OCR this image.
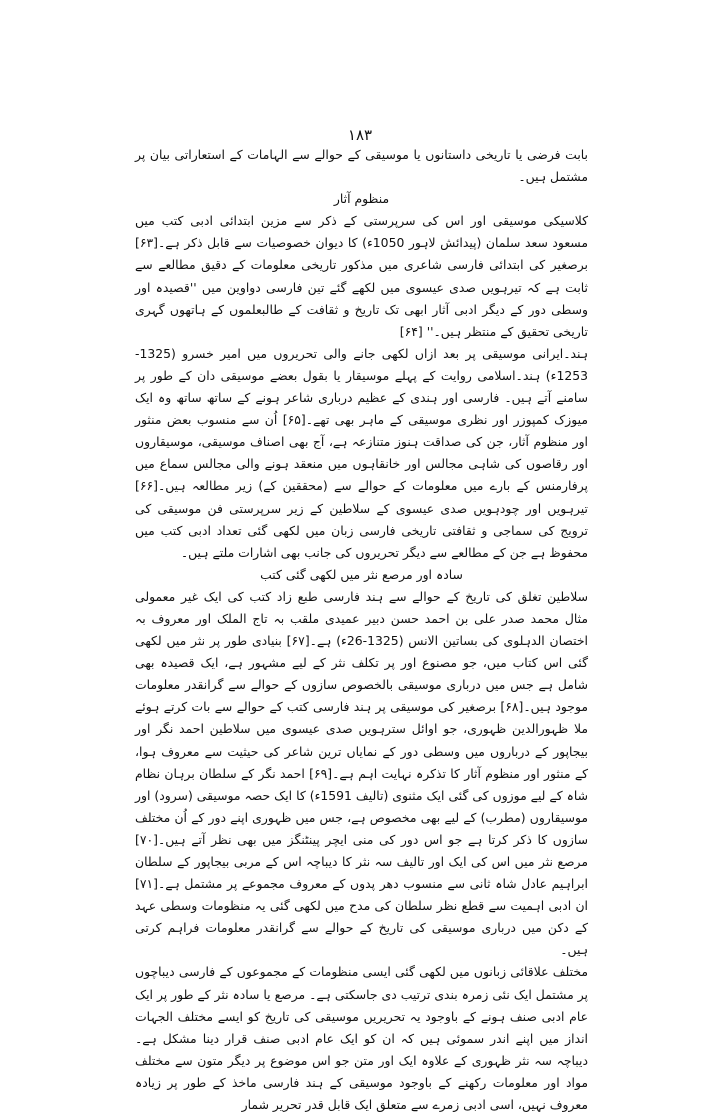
۱۸۳

بابت فرضی یا تاریخی داستانوں یا موسیقی کے حوالے سے الہامات کے استعاراتی بیان پر مشتمل ہیں۔

منظوم آثار

کلاسیکی موسیقی اور اس کی سرپرستی کے ذکر سے مزین ابتدائی ادبی کتب میں مسعود سعد سلمان (پیدائش لاہور 1050ء) کا دیوان خصوصیات سے قابل ذکر ہے۔[۶۳] برصغیر کی ابتدائی فارسی شاعری میں مذکور تاریخی معلومات کے دقیق مطالعے سے ثابت ہے کہ تیرہویں صدی عیسوی میں لکھے گئے تین فارسی دواوین میں ''قصیدہ اور وسطی دور کے دیگر ادبی آثار ابھی تک تاریخ و ثقافت کے طالبعلموں کے ہاتھوں گہری تاریخی تحقیق کے منتظر ہیں۔'' [۶۴]

ہند۔ایرانی موسیقی پر بعد ازاں لکھی جانے والی تحریروں میں امیر خسرو (1325-1253ء) ہند۔اسلامی روایت کے پہلے موسیقار یا بقول بعضے موسیقی دان کے طور پر سامنے آتے ہیں۔ فارسی اور ہندی کے عظیم درباری شاعر ہونے کے ساتھ ساتھ وہ ایک میوزک کمپوزر اور نظری موسیقی کے ماہر بھی تھے۔[۶۵] اُن سے منسوب بعض منثور اور منظوم آثار، جن کی صداقت ہنوز متنازعہ ہے، آج بھی اصناف موسیقی، موسیقاروں اور رقاصوں کی شاہی مجالس اور خانقاہوں میں منعقد ہونے والی مجالس سماع میں پرفارمنس کے بارے میں معلومات کے حوالے سے (محققین کے) زیر مطالعہ ہیں۔[۶۶] تیرہویں اور چودہویں صدی عیسوی کے سلاطین کے زیر سرپرستی فن موسیقی کی ترویج کی سماجی و ثقافتی تاریخی فارسی زبان میں لکھی گئی تعداد ادبی کتب میں محفوظ ہے جن کے مطالعے سے دیگر تحریروں کی جانب بھی اشارات ملتے ہیں۔

سادہ اور مرصع نثر میں لکھی گئی کتب

سلاطین تغلق کی تاریخ کے حوالے سے ہند فارسی طبع زاد کتب کی ایک غیر معمولی مثال محمد صدر علی بن احمد حسن دبیر عمیدی ملقب بہ تاج الملک اور معروف بہ اختصان الدہلوی کی بساتین الانس (1325-26ء) ہے۔[۶۷] بنیادی طور پر نثر میں لکھی گئی اس کتاب میں، جو مصنوع اور پر تکلف نثر کے لیے مشہور ہے، ایک قصیدہ بھی شامل ہے جس میں درباری موسیقی بالخصوص سازوں کے حوالے سے گرانقدر معلومات موجود ہیں۔[۶۸] برصغیر کی موسیقی پر ہند فارسی کتب کے حوالے سے بات کرتے ہوئے ملا ظہورالدین ظہوری، جو اوائل سترہویں صدی عیسوی میں سلاطین احمد نگر اور بیجاپور کے درباروں میں وسطی دور کے نمایاں ترین شاعر کی حیثیت سے معروف ہوا، کے منثور اور منظوم آثار کا تذکرہ نہایت اہم ہے۔[۶۹] احمد نگر کے سلطان برہان نظام شاہ کے لیے موزوں کی گئی ایک مثنوی (تالیف 1591ء) کا ایک حصہ موسیقی (سرود) اور موسیقاروں (مطرب) کے لیے بھی مخصوص ہے، جس میں ظہوری اپنے دور کے اُن مختلف سازوں کا ذکر کرتا ہے جو اس دور کی منی ایچر پینٹنگز میں بھی نظر آتے ہیں۔[۷۰] مرصع نثر میں اس کی ایک اور تالیف سہ نثر کا دیباچہ اس کے مربی بیجاپور کے سلطان ابراہیم عادل شاہ ثانی سے منسوب دھر پدوں کے معروف مجموعے پر مشتمل ہے۔[۷۱] ان ادبی اہمیت سے قطع نظر سلطان کی مدح میں لکھی گئی یہ منظومات وسطی عہد کے دکن میں درباری موسیقی کی تاریخ کے حوالے سے گرانقدر معلومات فراہم کرتی ہیں۔

مختلف علاقائی زبانوں میں لکھی گئی ایسی منظومات کے مجموعوں کے فارسی دیباچوں پر مشتمل ایک نئی زمرہ بندی ترتیب دی جاسکتی ہے۔ مرصع یا سادہ نثر کے طور پر ایک عام ادبی صنف ہونے کے باوجود یہ تحریریں موسیقی کی تاریخ کو ایسے مختلف الجہات انداز میں اپنے اندر سموئی ہیں کہ ان کو ایک عام ادبی صنف قرار دینا مشکل ہے۔ دیباچہ سہ نثر ظہوری کے علاوہ ایک اور متن جو اس موضوع پر دیگر متون سے مختلف مواد اور معلومات رکھنے کے باوجود موسیقی کے ہند فارسی ماخذ کے طور پر زیادہ معروف نہیں، اسی ادبی زمرے سے متعلق ایک قابل قدر تحریر شمار
